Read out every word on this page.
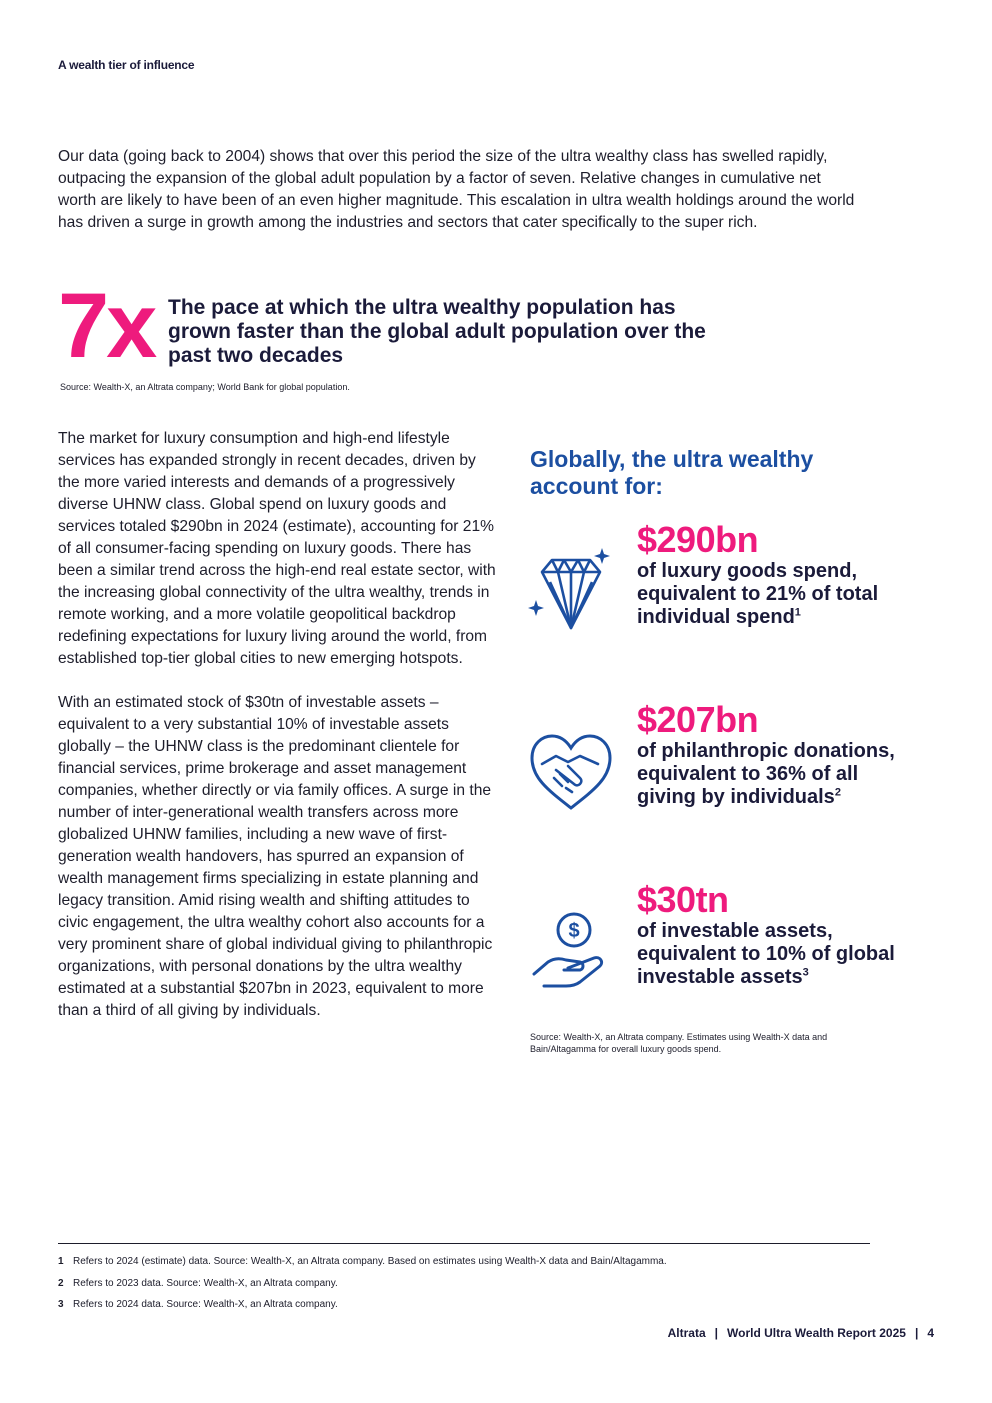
A wealth tier of influence

Our data (going back to 2004) shows that over this period the size of the ultra wealthy class has swelled rapidly, outpacing the expansion of the global adult population by a factor of seven. Relative changes in cumulative net worth are likely to have been of an even higher magnitude. This escalation in ultra wealth holdings around the world has driven a surge in growth among the industries and sectors that cater specifically to the super rich.

7x The pace at which the ultra wealthy population has grown faster than the global adult population over the past two decades
Source: Wealth-X, an Altrata company; World Bank for global population.

The market for luxury consumption and high-end lifestyle services has expanded strongly in recent decades, driven by the more varied interests and demands of a progressively diverse UHNW class. Global spend on luxury goods and services totaled $290bn in 2024 (estimate), accounting for 21% of all consumer-facing spending on luxury goods. There has been a similar trend across the high-end real estate sector, with the increasing global connectivity of the ultra wealthy, trends in remote working, and a more volatile geopolitical backdrop redefining expectations for luxury living around the world, from established top-tier global cities to new emerging hotspots.

With an estimated stock of $30tn of investable assets – equivalent to a very substantial 10% of investable assets globally – the UHNW class is the predominant clientele for financial services, prime brokerage and asset management companies, whether directly or via family offices. A surge in the number of inter-generational wealth transfers across more globalized UHNW families, including a new wave of first-generation wealth handovers, has spurred an expansion of wealth management firms specializing in estate planning and legacy transition. Amid rising wealth and shifting attitudes to civic engagement, the ultra wealthy cohort also accounts for a very prominent share of global individual giving to philanthropic organizations, with personal donations by the ultra wealthy estimated at a substantial $207bn in 2023, equivalent to more than a third of all giving by individuals.

Globally, the ultra wealthy account for:
$290bn
of luxury goods spend, equivalent to 21% of total individual spend$^1$
$207bn
of philanthropic donations, equivalent to 36% of all giving by individuals$^2$
$
$30tn
of investable assets, equivalent to 10% of global investable assets$^3$
Source: Wealth-X, an Altrata company. Estimates using Wealth-X data and Bain/Altagamma for overall luxury goods spend.
1 Refers to 2024 (estimate) data. Source: Wealth-X, an Altrata company. Based on estimates using Wealth-X data and Bain/Altagamma.
2 Refers to 2023 data. Source: Wealth-X, an Altrata company.
3 Refers to 2024 data. Source: Wealth-X, an Altrata company.
Altrata | World Ultra Wealth Report 2025 | 4
